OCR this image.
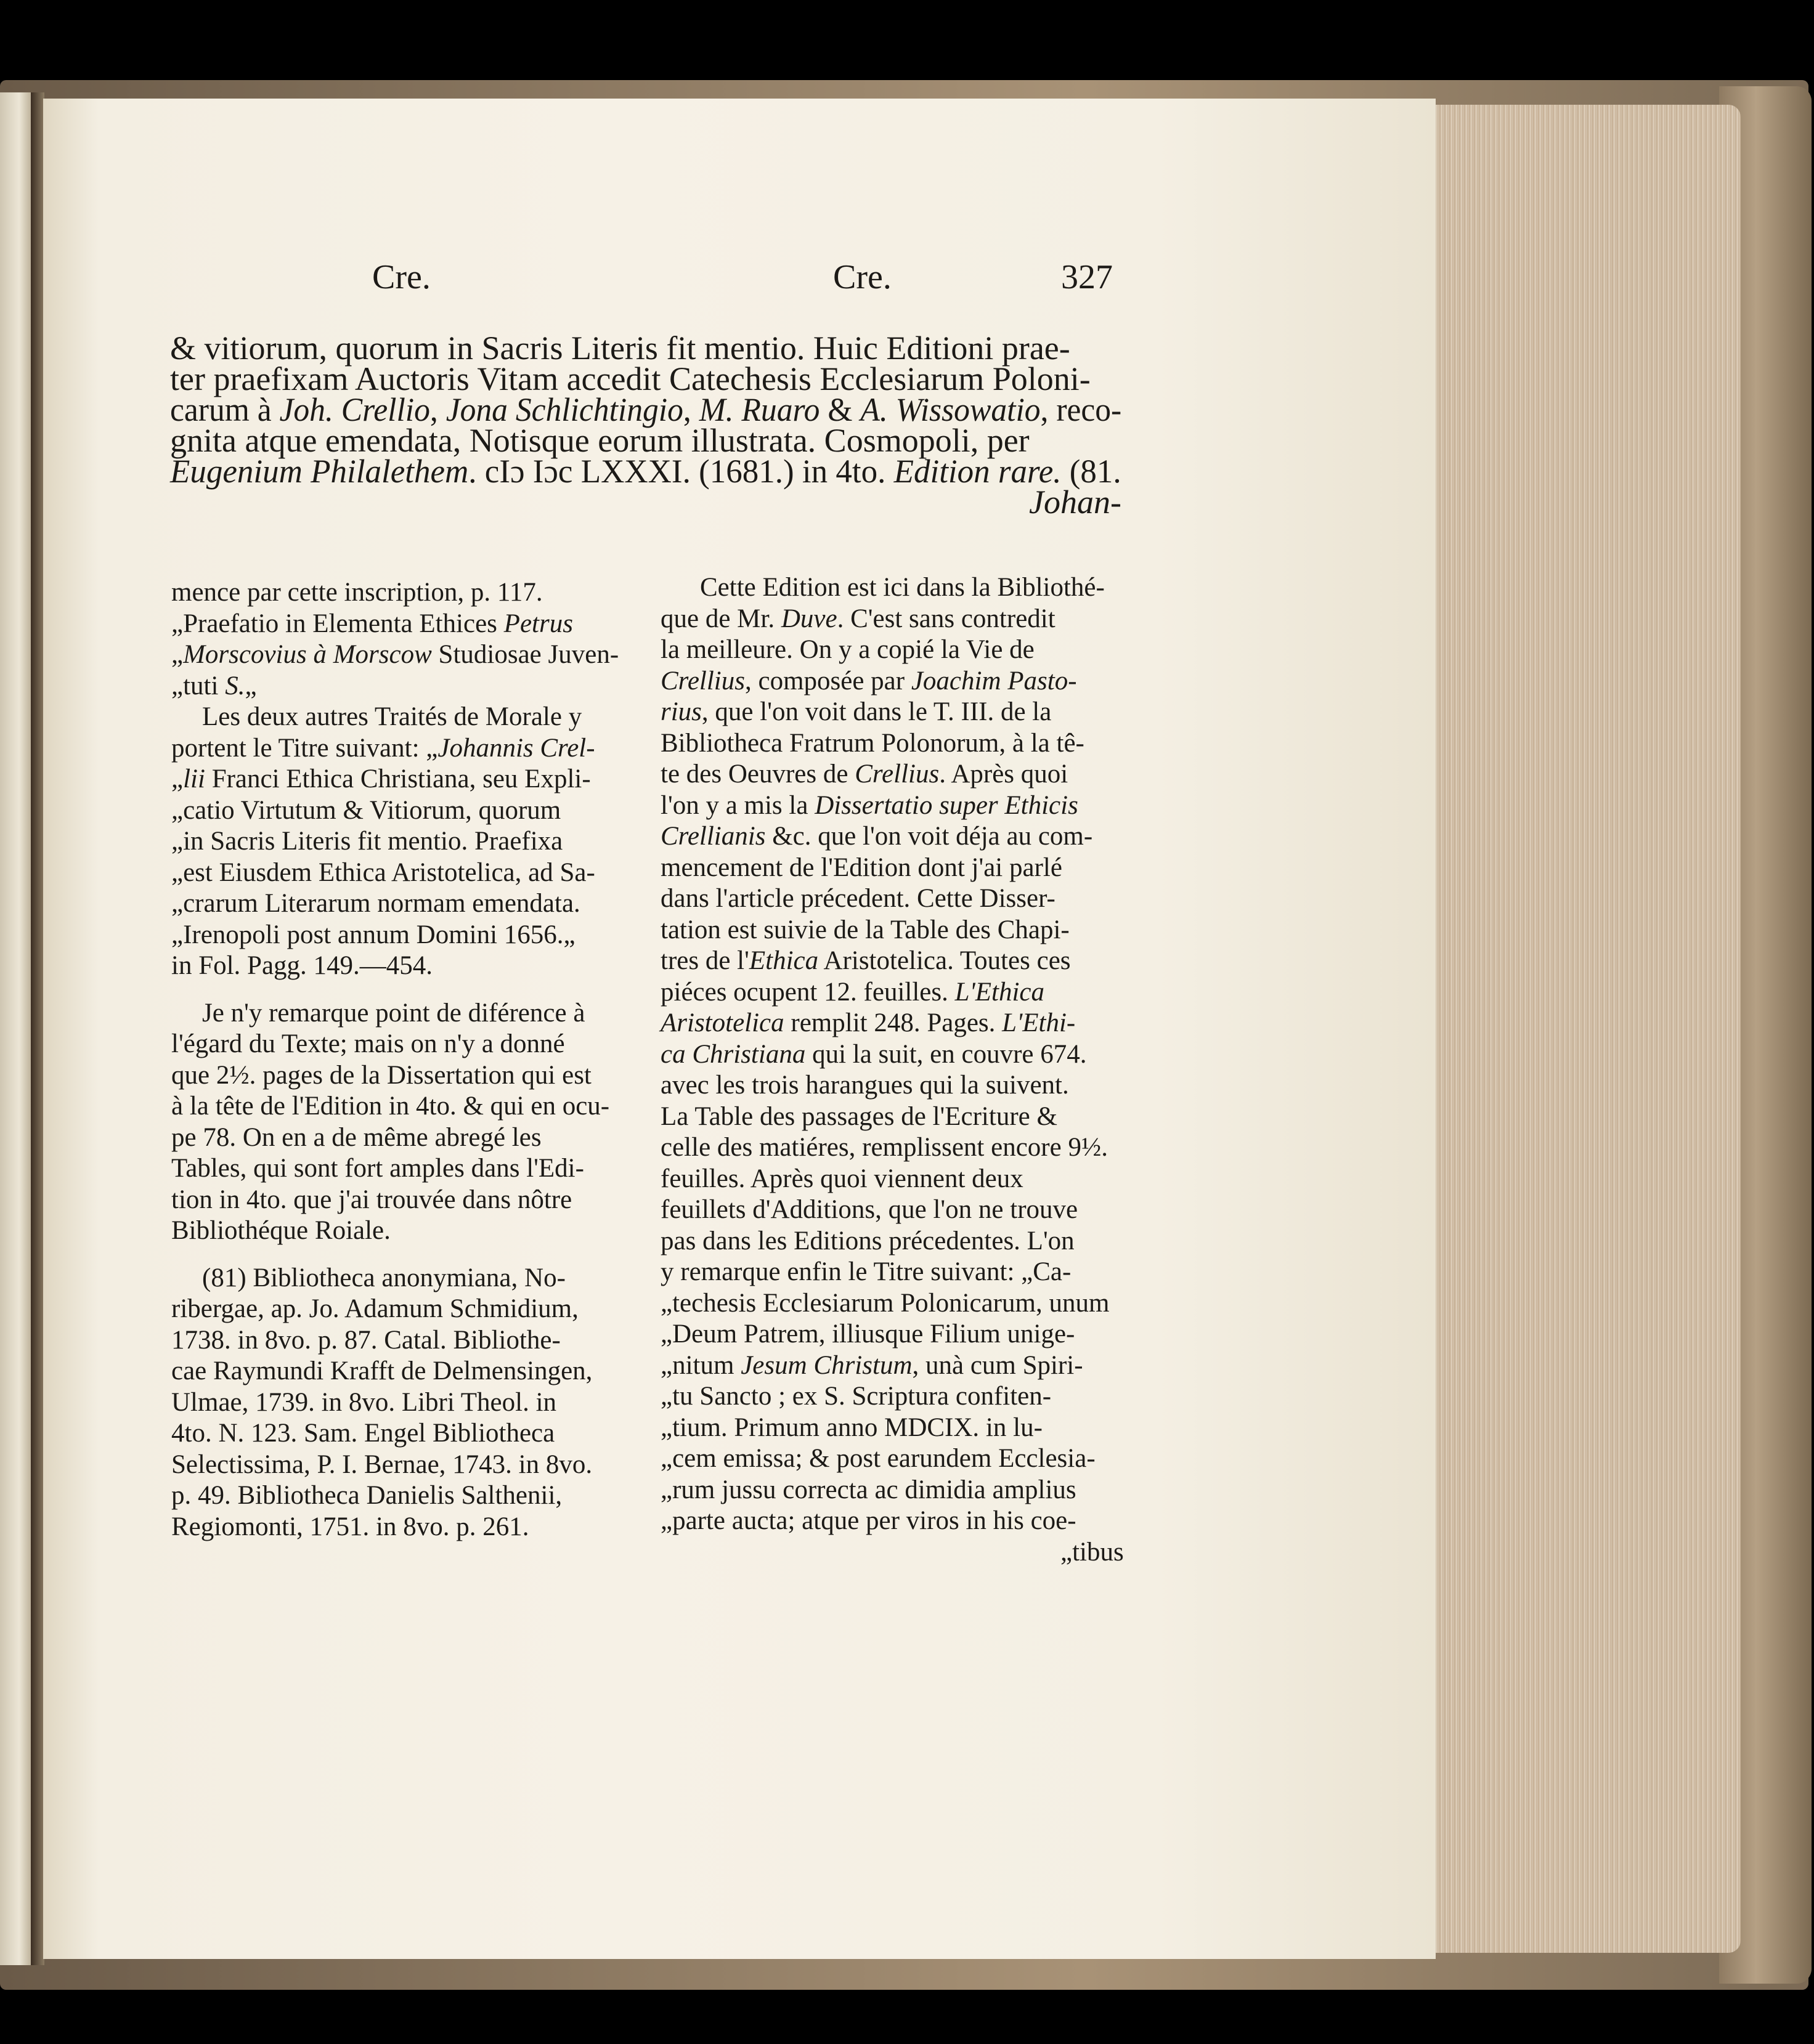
Cre.	Cre.	327
& vitiorum, quorum in Sacris Literis fit mentio. Huic Editioni prae-
ter praefixam Auctoris Vitam accedit Catechesis Ecclesiarum Poloni-
carum à Joh. Crellio, Jona Schlichtingio, M. Ruaro & A. Wissowatio, reco-
gnita atque emendata, Notisque eorum illustrata. Cosmopoli, per
Eugenium Philalethem. cIɔ Iɔc LXXXI. (1681.) in 4to. Edition rare. (81.
Johan-
mence par cette inscription, p. 117.
„Praefatio in Elementa Ethices Petrus
„Morscovius à Morscow Studiosae Juven-
„tuti S.„
Les deux autres Traités de Morale y
portent le Titre suivant: „Johannis Crel-
„lii Franci Ethica Christiana, seu Expli-
„catio Virtutum & Vitiorum, quorum
„in Sacris Literis fit mentio. Praefixa
„est Eiusdem Ethica Aristotelica, ad Sa-
„crarum Literarum normam emendata.
„Irenopoli post annum Domini 1656.„
in Fol. Pagg. 149.—454.
Je n'y remarque point de diférence à
l'égard du Texte; mais on n'y a donné
que 2½. pages de la Dissertation qui est
à la tête de l'Edition in 4to. & qui en ocu-
pe 78. On en a de même abregé les
Tables, qui sont fort amples dans l'Edi-
tion in 4to. que j'ai trouvée dans nôtre
Bibliothéque Roiale.
(81) Bibliotheca anonymiana, No-
ribergae, ap. Jo. Adamum Schmidium,
1738. in 8vo. p. 87. Catal. Bibliothe-
cae Raymundi Krafft de Delmensingen,
Ulmae, 1739. in 8vo. Libri Theol. in
4to. N. 123. Sam. Engel Bibliotheca
Selectissima, P. I. Bernae, 1743. in 8vo.
p. 49. Bibliotheca Danielis Salthenii,
Regiomonti, 1751. in 8vo. p. 261.
Cette Edition est ici dans la Bibliothé-
que de Mr. Duve. C'est sans contredit
la meilleure. On y a copié la Vie de
Crellius, composée par Joachim Pasto-
rius, que l'on voit dans le T. III. de la
Bibliotheca Fratrum Polonorum, à la tê-
te des Oeuvres de Crellius. Après quoi
l'on y a mis la Dissertatio super Ethicis
Crellianis &c. que l'on voit déja au com-
mencement de l'Edition dont j'ai parlé
dans l'article précedent. Cette Disser-
tation est suivie de la Table des Chapi-
tres de l'Ethica Aristotelica. Toutes ces
piéces ocupent 12. feuilles. L'Ethica
Aristotelica remplit 248. Pages. L'Ethi-
ca Christiana qui la suit, en couvre 674.
avec les trois harangues qui la suivent.
La Table des passages de l'Ecriture &
celle des matiéres, remplissent encore 9½.
feuilles. Après quoi viennent deux
feuillets d'Additions, que l'on ne trouve
pas dans les Editions précedentes. L'on
y remarque enfin le Titre suivant: „Ca-
„techesis Ecclesiarum Polonicarum, unum
„Deum Patrem, illiusque Filium unige-
„nitum Jesum Christum, unà cum Spiri-
„tu Sancto ; ex S. Scriptura confiten-
„tium. Primum anno MDCIX. in lu-
„cem emissa; & post earundem Ecclesia-
„rum jussu correcta ac dimidia amplius
„parte aucta; atque per viros in his coe-
„tibus
